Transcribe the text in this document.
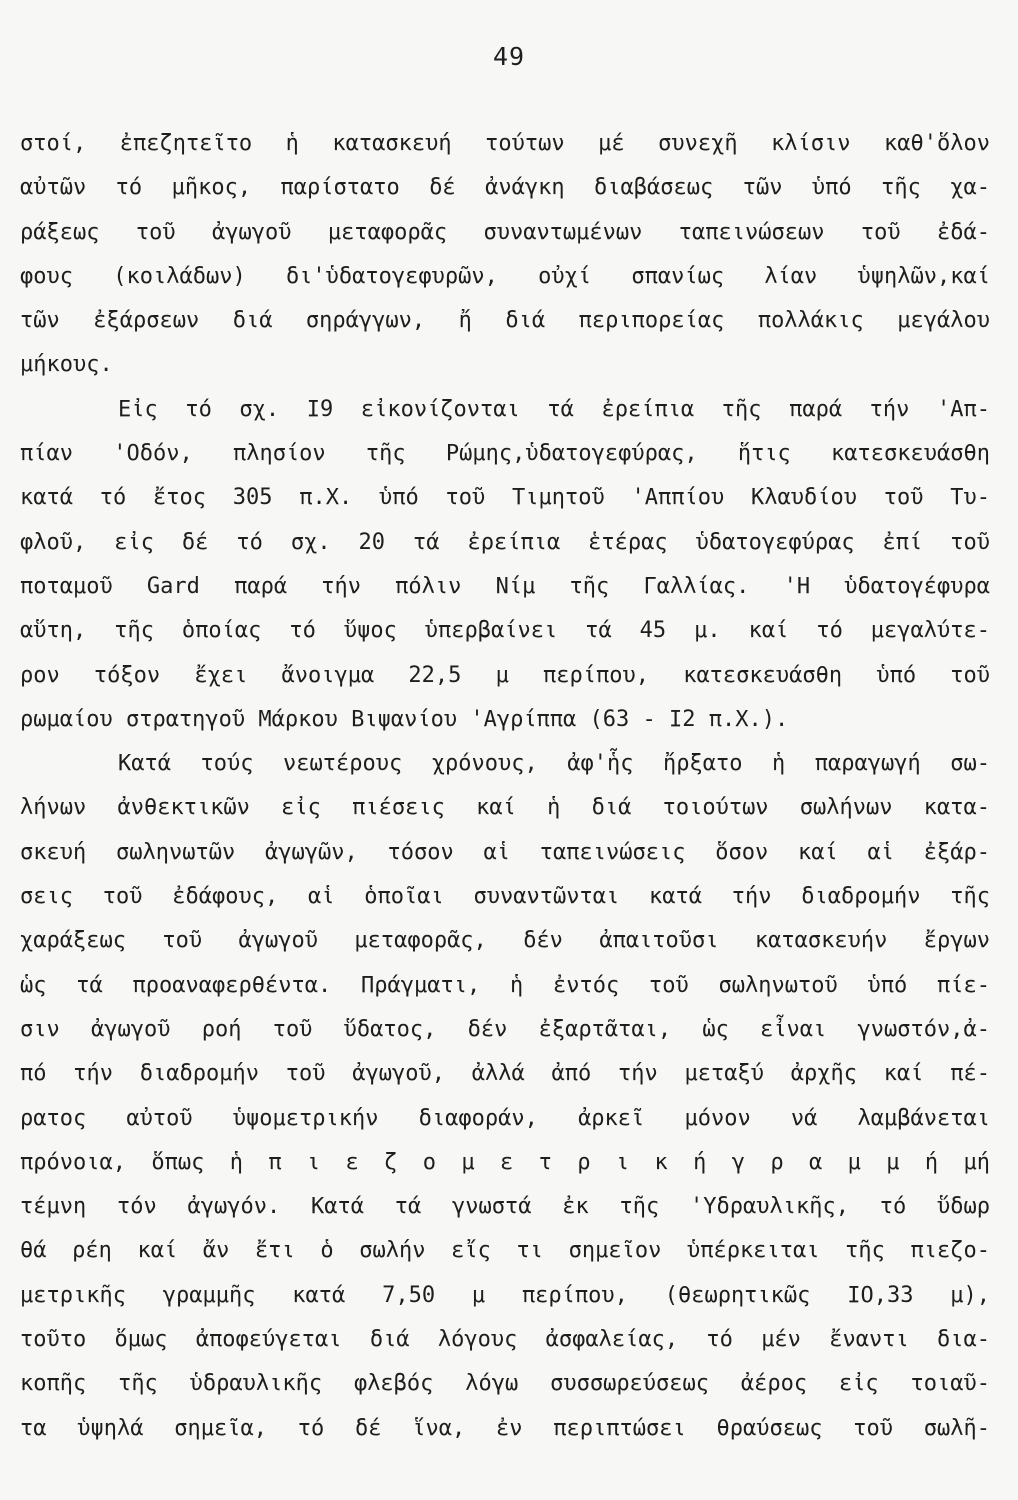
49
στοί, ἐπεζητεῖτο ἡ κατασκευή τούτων μέ συνεχῆ κλίσιν καθ'ὅλον
αὐτῶν τό μῆκος, παρίστατο δέ ἀνάγκη διαβάσεως τῶν ὑπό τῆς χα-
ράξεως τοῦ ἀγωγοῦ μεταφορᾶς συναντωμένων ταπεινώσεων τοῦ ἐδά-
φους (κοιλάδων) δι'ὑδατογεφυρῶν, οὐχί σπανίως λίαν ὑψηλῶν,καί
τῶν ἐξάρσεων διά σηράγγων, ἤ διά περιπορείας πολλάκις μεγάλου
μήκους.
Εἰς τό σχ. Ι9 εἰκονίζονται τά ἐρείπια τῆς παρά τήν 'Απ-
πίαν 'Οδόν, πλησίον τῆς Ρώμης,ὑδατογεφύρας, ἥτις κατεσκευάσθη
κατά τό ἔτος 305 π.Χ. ὑπό τοῦ Τιμητοῦ 'Αππίου Κλαυδίου τοῦ Τυ-
φλοῦ, εἰς δέ τό σχ. 20 τά ἐρείπια ἑτέρας ὑδατογεφύρας ἐπί τοῦ
ποταμοῦ Gard παρά τήν πόλιν Νίμ τῆς Γαλλίας. 'Η ὑδατογέφυρα
αὕτη, τῆς ὁποίας τό ὕψος ὑπερβαίνει τά 45 μ. καί τό μεγαλύτε-
ρον τόξον ἔχει ἄνοιγμα 22,5 μ περίπου, κατεσκευάσθη ὑπό τοῦ
ρωμαίου στρατηγοῦ Μάρκου Βιψανίου 'Αγρίππα (63 - Ι2 π.Χ.).
Κατά τούς νεωτέρους χρόνους, ἀφ'ἧς ἤρξατο ἡ παραγωγή σω-
λήνων ἀνθεκτικῶν εἰς πιέσεις καί ἡ διά τοιούτων σωλήνων κατα-
σκευή σωληνωτῶν ἀγωγῶν, τόσον αἱ ταπεινώσεις ὅσον καί αἱ ἐξάρ-
σεις τοῦ ἐδάφους, αἱ ὁποῖαι συναντῶνται κατά τήν διαδρομήν τῆς
χαράξεως τοῦ ἀγωγοῦ μεταφορᾶς, δέν ἀπαιτοῦσι κατασκευήν ἔργων
ὡς τά προαναφερθέντα. Πράγματι, ἡ ἐντός τοῦ σωληνωτοῦ ὑπό πίε-
σιν ἀγωγοῦ ροή τοῦ ὕδατος, δέν ἐξαρτᾶται, ὡς εἶναι γνωστόν,ἀ-
πό τήν διαδρομήν τοῦ ἀγωγοῦ, ἀλλά ἀπό τήν μεταξύ ἀρχῆς καί πέ-
ρατος αὐτοῦ ὑψομετρικήν διαφοράν, ἀρκεῖ μόνον νά λαμβάνεται
πρόνοια, ὅπως ἡ π ι ε ζ ο μ ε τ ρ ι κ ή γ ρ α μ μ ή μή
τέμνη τόν ἀγωγόν. Κατά τά γνωστά ἐκ τῆς 'Υδραυλικῆς, τό ὕδωρ
θά ρέη καί ἄν ἔτι ὁ σωλήν εἴς τι σημεῖον ὑπέρκειται τῆς πιεζο-
μετρικῆς γραμμῆς κατά 7,50 μ περίπου, (θεωρητικῶς ΙΟ,33 μ),
τοῦτο ὅμως ἀποφεύγεται διά λόγους ἀσφαλείας, τό μέν ἔναντι δια-
κοπῆς τῆς ὑδραυλικῆς φλεβός λόγω συσσωρεύσεως ἀέρος εἰς τοιαῦ-
τα ὑψηλά σημεῖα, τό δέ ἵνα, ἐν περιπτώσει θραύσεως τοῦ σωλῆ-
